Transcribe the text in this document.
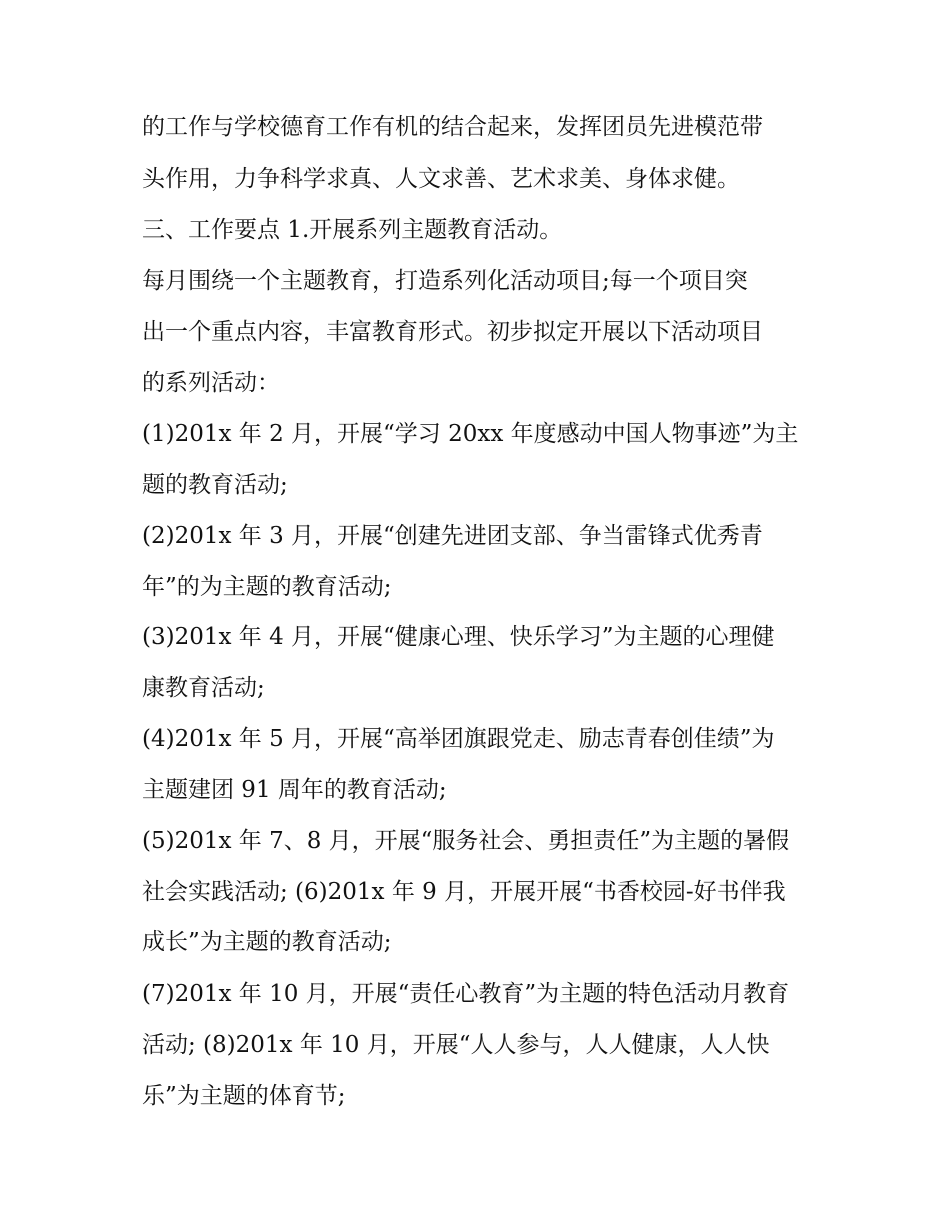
的工作与学校德育工作有机的结合起来，发挥团员先进模范带
头作用，力争科学求真、人文求善、艺术求美、身体求健。
三、工作要点 1.开展系列主题教育活动。
每月围绕一个主题教育，打造系列化活动项目;每一个项目突
出一个重点内容，丰富教育形式。初步拟定开展以下活动项目
的系列活动：
(1)201x 年 2 月，开展“学习 20xx 年度感动中国人物事迹”为主
题的教育活动;
(2)201x 年 3 月，开展“创建先进团支部、争当雷锋式优秀青
年”的为主题的教育活动;
(3)201x 年 4 月，开展“健康心理、快乐学习”为主题的心理健
康教育活动;
(4)201x 年 5 月，开展“高举团旗跟党走、励志青春创佳绩”为
主题建团 91 周年的教育活动;
(5)201x 年 7、8 月，开展“服务社会、勇担责任”为主题的暑假
社会实践活动; (6)201x 年 9 月，开展开展“书香校园-好书伴我
成长”为主题的教育活动;
(7)201x 年 10 月，开展“责任心教育”为主题的特色活动月教育
活动; (8)201x 年 10 月，开展“人人参与，人人健康，人人快
乐”为主题的体育节;
